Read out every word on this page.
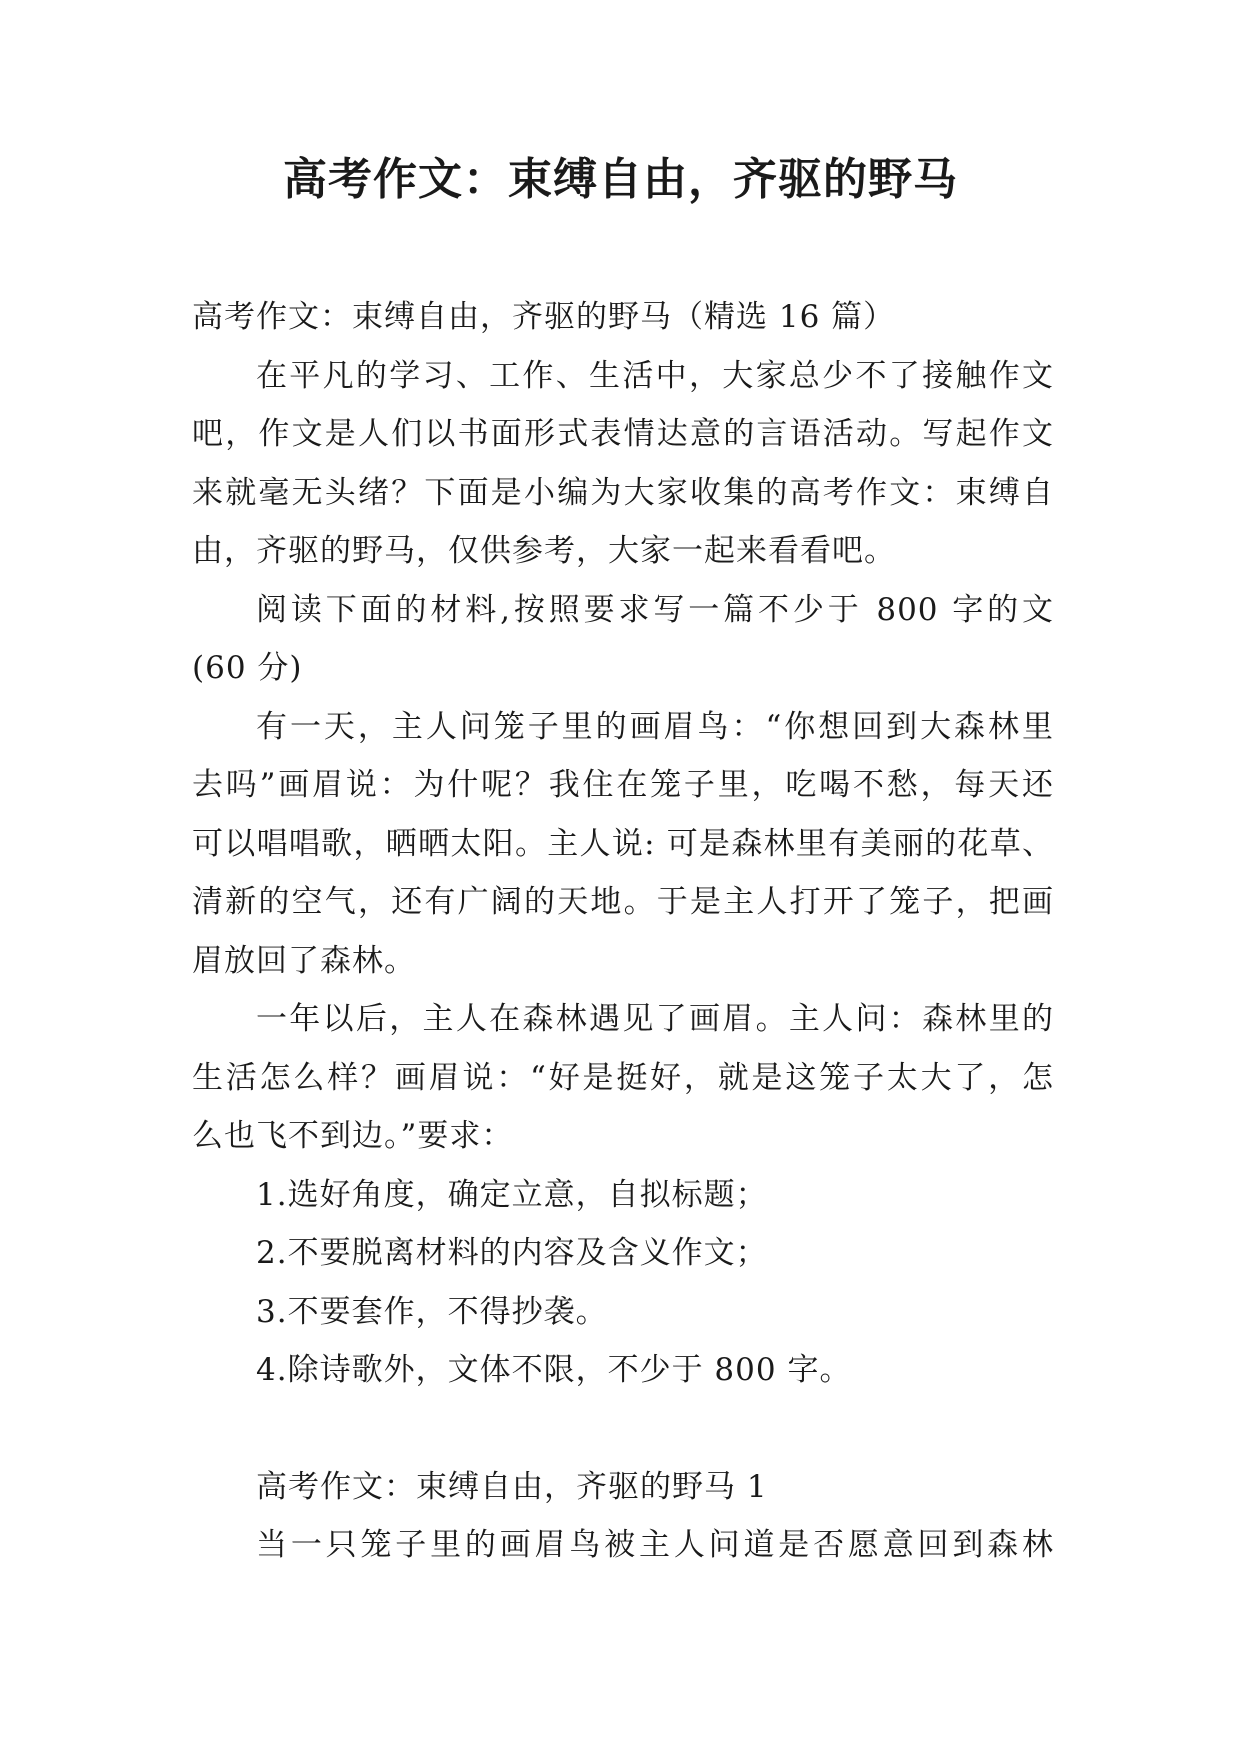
高考作文：束缚自由，齐驱的野马
高考作文：束缚自由，齐驱的野马（精选 16 篇）
在平凡的学习、工作、生活中，大家总少不了接触作文
吧，作文是人们以书面形式表情达意的言语活动。写起作文
来就毫无头绪？下面是小编为大家收集的高考作文：束缚自
由，齐驱的野马，仅供参考，大家一起来看看吧。
阅读下面的材料,按照要求写一篇不少于 800 字的文
(60 分)
有一天，主人问笼子里的画眉鸟：“你想回到大森林里
去吗”画眉说：为什呢？我住在笼子里，吃喝不愁，每天还
可以唱唱歌，晒晒太阳。主人说: 可是森林里有美丽的花草、
清新的空气，还有广阔的天地。于是主人打开了笼子，把画
眉放回了森林。
一年以后，主人在森林遇见了画眉。主人问：森林里的
生活怎么样？画眉说：“好是挺好，就是这笼子太大了，怎
么也飞不到边。”要求：
1.选好角度，确定立意，自拟标题；
2.不要脱离材料的内容及含义作文；
3.不要套作，不得抄袭。
4.除诗歌外，文体不限，不少于 800 字。
高考作文：束缚自由，齐驱的野马 1
当一只笼子里的画眉鸟被主人问道是否愿意回到森林
